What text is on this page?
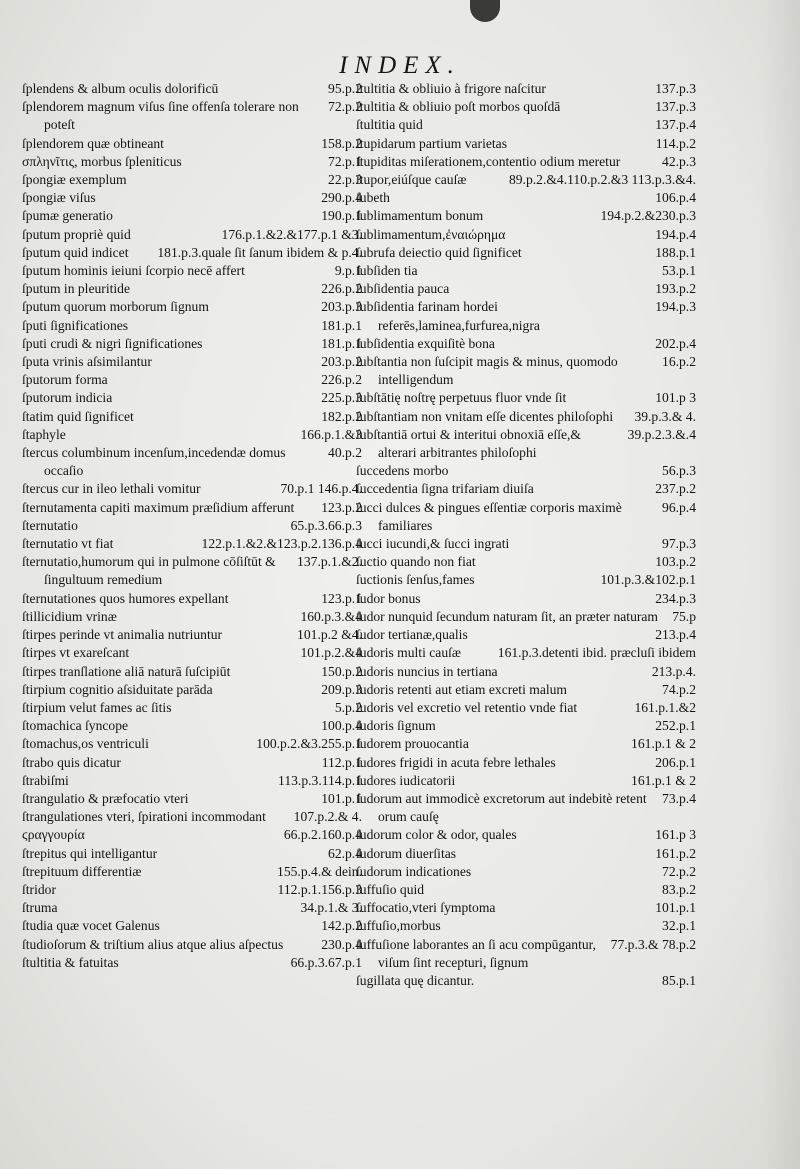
INDEX.
95.p.2
ſplendens & album oculis dolorificū
72.p.2
ſplendorem magnum viſus ſine offenſa tolerare non poteſt
158.p.2
ſplendorem quæ obtineant
72.p.1
σπληνῖτις, morbus ſpleniticus
22.p.3
ſpongiæ exemplum
290.p.4
ſpongiæ viſus
190.p.1
ſpumæ generatio
176.p.1.&2.&177.p.1 &3.
ſputum propriè quid
181.p.3.quale ſit ſanum ibidem & p.4.
ſputum quid indicet
9.p.1
ſputum hominis ieiuni ſcorpio necē affert
226.p.2
ſputum in pleuritide
203.p.3
ſputum quorum morborum ſignum
181.p.1
ſputi ſignificationes
181.p.1
ſputi crudi & nigri ſignificationes
203.p.2
ſputa vrinis aſsimilantur
226.p.2
ſputorum forma
225.p.3
ſputorum indicia
182.p.2
ſtatim quid ſignificet
166.p.1.&3
ſtaphyle
40.p.2
ſtercus columbinum incenſum,incedendæ domus occaſio
70.p.1 146.p.4.
ſtercus cur in ileo lethali vomitur
123.p.2
ſternutamenta capiti maximum præſidium afferunt
65.p.3.66.p.3
ſternutatio
122.p.1.&2.&123.p.2.136.p.4
ſternutatio vt fiat
137.p.1.&2.
ſternutatio,humorum qui in pulmone cōſiſtūt & ſingultuum remedium
123.p.1
ſternutationes quos humores expellant
160.p.3.&4
ſtillicidium vrinæ
101.p.2 &4.
ſtirpes perinde vt animalia nutriuntur
101.p.2.&4
ſtirpes vt exareſcant
150.p.2
ſtirpes tranſlatione aliā naturā ſuſcipiūt
209.p.3
ſtirpium cognitio aſsiduitate parāda
5.p.2
ſtirpium velut fames ac ſitis
100.p.4
ſtomachica ſyncope
100.p.2.&3.255.p.1
ſtomachus,os ventriculi
112.p.1
ſtrabo quis dicatur
113.p.3.114.p.1
ſtrabiſmi
101.p.1
ſtrangulatio & præfocatio vteri
107.p.2.& 4.
ſtrangulationes vteri, ſpirationi incommodant
66.p.2.160.p.4
ϛραγγουρία
62.p.4
ſtrepitus qui intelligantur
155.p.4.& dein.
ſtrepituum differentiæ
112.p.1.156.p.3
ſtridor
34.p.1.& 3.
ſtruma
142.p.2
ſtudia quæ vocet Galenus
230.p.4
ſtudioſorum & triſtium alius atque alius aſpectus
66.p.3.67.p.1
ſtultitia & fatuitas
137.p.3
ſtultitia & obliuio à frigore naſcitur
137.p.3
ſtultitia & obliuio poſt morbos quoſdā
137.p.4
ſtultitia quid
114.p.2
ſtupidarum partium varietas
42.p.3
ſtupiditas miſerationem,contentio odium meretur
89.p.2.&4.110.p.2.&3 113.p.3.&4.
ſtupor,eiúſque cauſæ
106.p.4
ſubeth
194.p.2.&230.p.3
ſublimamentum bonum
194.p.4
ſublimamentum,ἐναιώρημα
188.p.1
ſubrufa deiectio quid ſignificet
53.p.1
ſubſiden tia
193.p.2
ſubſidentia pauca
194.p.3
ſubſidentia farinam hordei referēs,laminea,furfurea,nigra
202.p.4
ſubſidentia exquiſitè bona
16.p.2
ſubſtantia non ſuſcipit magis & minus, quomodo intelligendum
101.p 3
ſubſtātię noſtrę perpetuus fluor vnde ſit
39.p.3.& 4.
ſubſtantiam non vnitam eſſe dicentes philoſophi
39.p.2.3.&.4
ſubſtantiā ortui & interitui obnoxiā eſſe,& alterari arbitrantes philoſophi
56.p.3
ſuccedens morbo
237.p.2
ſuccedentia ſigna trifariam diuiſa
96.p.4
ſucci dulces & pingues eſſentiæ corporis maximè familiares
97.p.3
ſucci iucundi,& ſucci ingrati
103.p.2
ſuctio quando non fiat
101.p.3.&102.p.1
ſuctionis ſenſus,fames
234.p.3
ſudor bonus
75.p
ſudor nunquid ſecundum naturam ſit, an præter naturam
213.p.4
ſudor tertianæ,qualis
161.p.3.detenti ibid. præcluſi ibidem
ſudoris multi cauſæ
213.p.4.
ſudoris nuncius in tertiana
74.p.2
ſudoris retenti aut etiam excreti malum
161.p.1.&2
ſudoris vel excretio vel retentio vnde fiat
252.p.1
ſudoris ſignum
161.p.1 & 2
ſudorem prouocantia
206.p.1
ſudores frigidi in acuta febre lethales
161.p.1 & 2
ſudores iudicatorii
73.p.4
ſudorum aut immodicè excretorum aut indebitè retent orum cauſę
161.p 3
ſudorum color & odor, quales
161.p.2
ſudorum diuerſitas
72.p.2
ſudorum indicationes
83.p.2
ſuffuſio quid
101.p.1
ſuffocatio,vteri ſymptoma
32.p.1
ſuffuſio,morbus
77.p.3.& 78.p.2
ſuffuſione laborantes an ſi acu compūgantur, viſum ſint recepturi, ſignum
85.p.1
ſugillata quę dicantur.
